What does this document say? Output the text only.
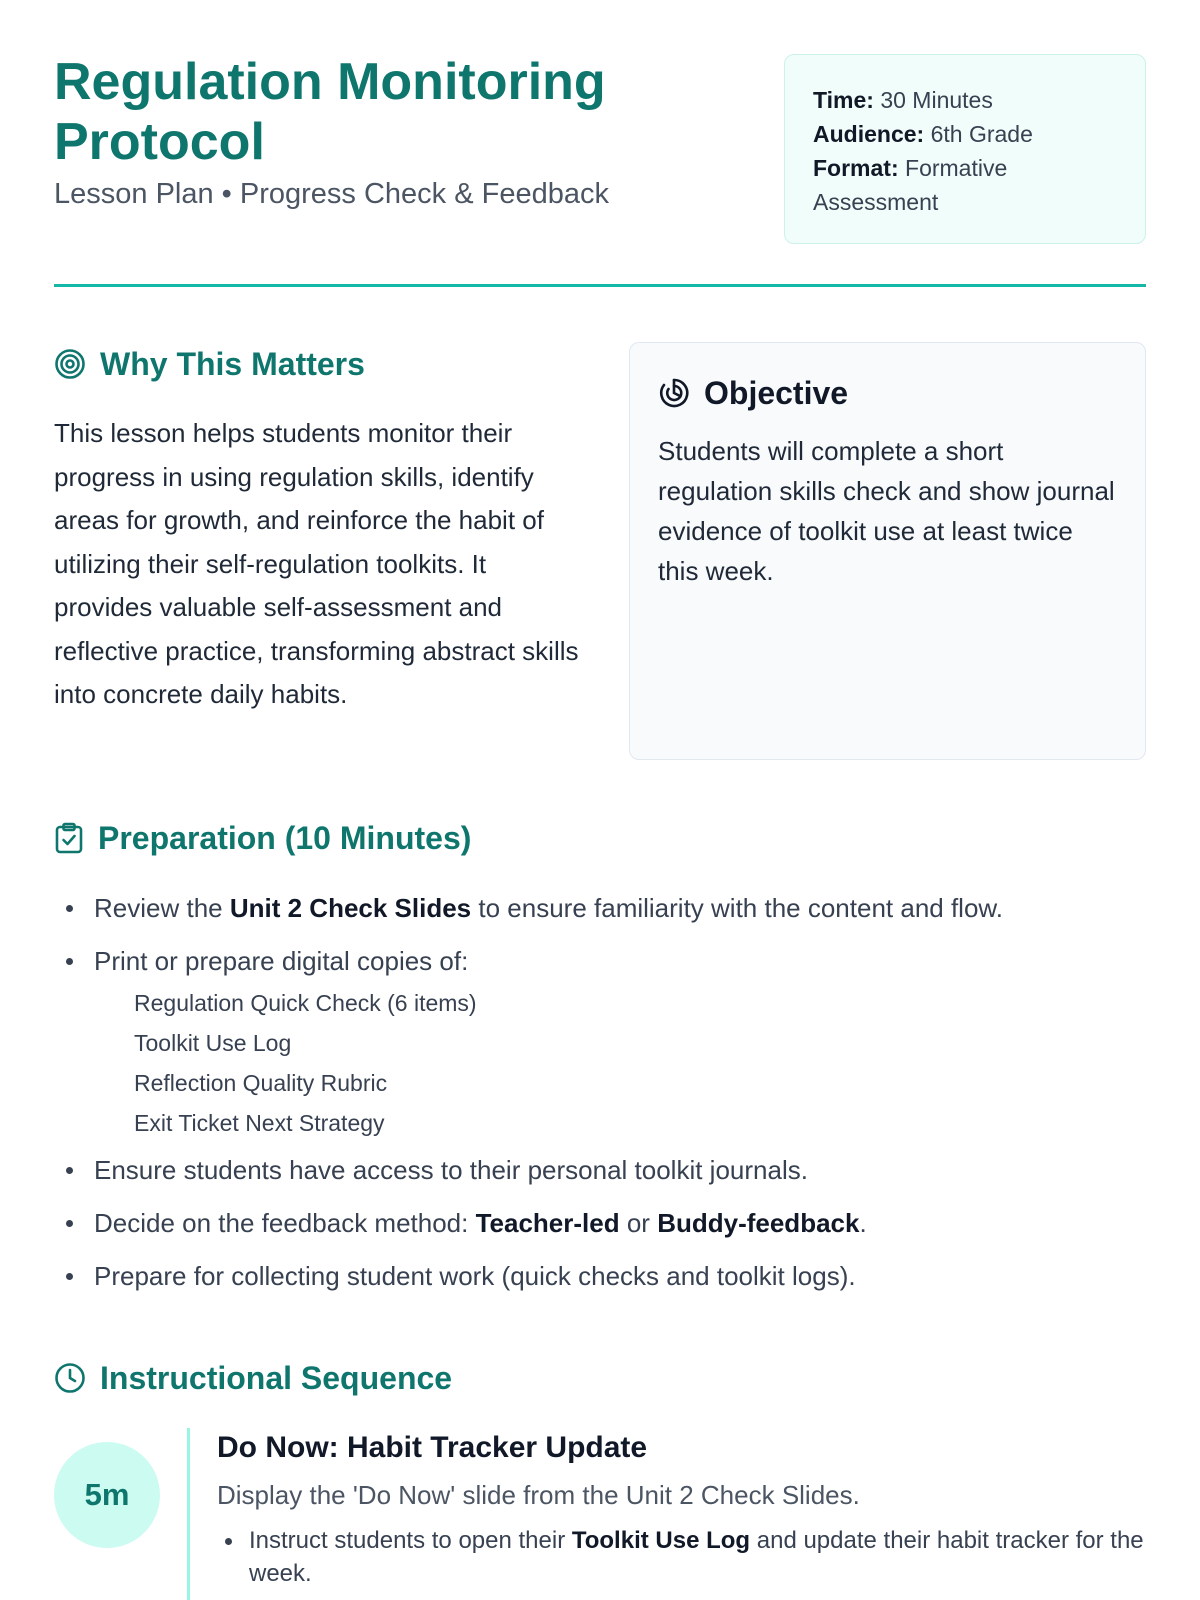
Regulation Monitoring Protocol
Lesson Plan • Progress Check & Feedback
Time: 30 Minutes
Audience: 6th Grade
Format: Formative Assessment
Why This Matters

This lesson helps students monitor their progress in using regulation skills, identify areas for growth, and reinforce the habit of utilizing their self-regulation toolkits. It provides valuable self-assessment and reflective practice, transforming abstract skills into concrete daily habits.

Objective

Students will complete a short regulation skills check and show journal evidence of toolkit use at least twice this week.

Preparation (10 Minutes)
Review the Unit 2 Check Slides to ensure familiarity with the content and flow.
Print or prepare digital copies of:
Regulation Quick Check (6 items)
Toolkit Use Log
Reflection Quality Rubric
Exit Ticket Next Strategy
Ensure students have access to their personal toolkit journals.
Decide on the feedback method: Teacher-led or Buddy-feedback.
Prepare for collecting student work (quick checks and toolkit logs).
Instructional Sequence
5m
Do Now: Habit Tracker Update
Display the 'Do Now' slide from the Unit 2 Check Slides.
Instruct students to open their Toolkit Use Log and update their habit tracker for the week.
